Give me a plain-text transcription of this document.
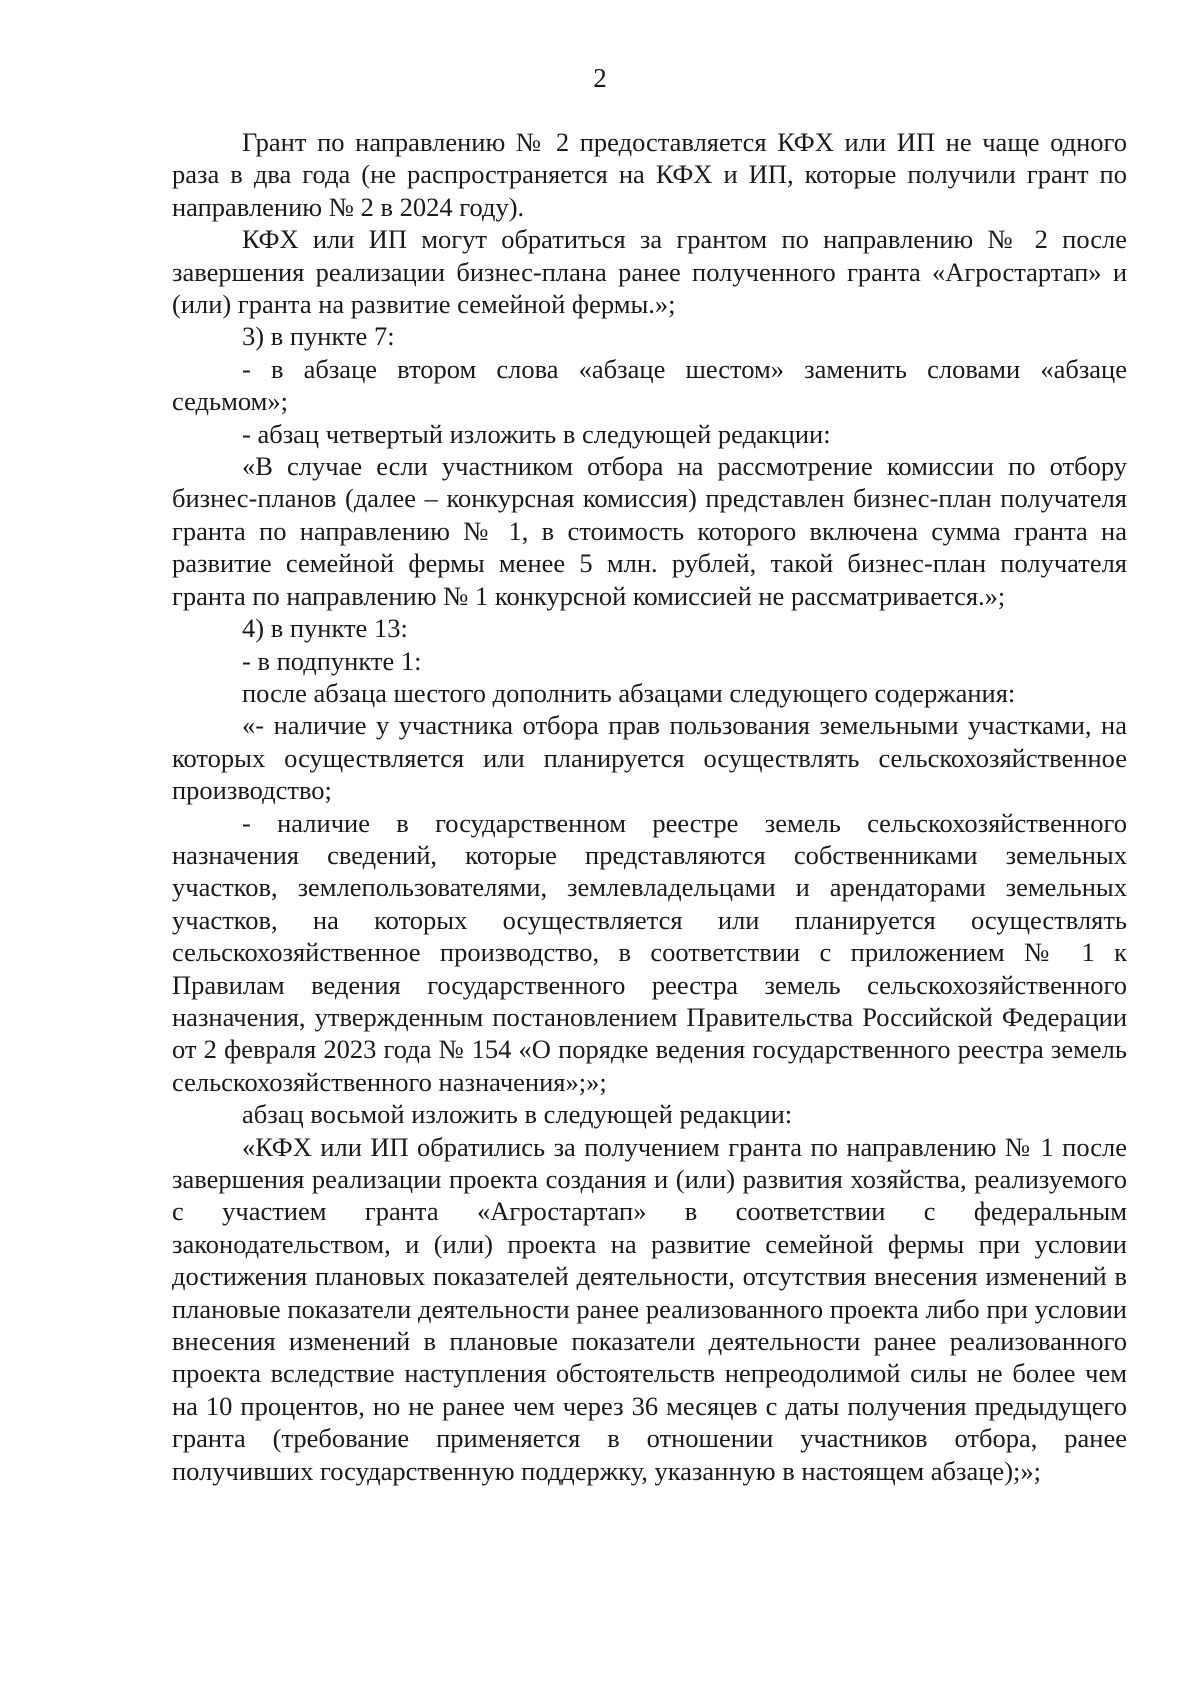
2

Грант по направлению № 2 предоставляется КФХ или ИП не чаще одного раза в два года (не распространяется на КФХ и ИП, которые получили грант по направлению № 2 в 2024 году).

КФХ или ИП могут обратиться за грантом по направлению № 2 после завершения реализации бизнес-плана ранее полученного гранта «Агростартап» и (или) гранта на развитие семейной фермы.»;

3) в пункте 7:

- в абзаце втором слова «абзаце шестом» заменить словами «абзаце седьмом»;

- абзац четвертый изложить в следующей редакции:

«В случае если участником отбора на рассмотрение комиссии по отбору бизнес-планов (далее – конкурсная комиссия) представлен бизнес-план получателя гранта по направлению № 1, в стоимость которого включена сумма гранта на развитие семейной фермы менее 5 млн. рублей, такой бизнес-план получателя гранта по направлению № 1 конкурсной комиссией не рассматривается.»;

4) в пункте 13:

- в подпункте 1:

после абзаца шестого дополнить абзацами следующего содержания:

«- наличие у участника отбора прав пользования земельными участками, на которых осуществляется или планируется осуществлять сельскохозяйственное производство;

- наличие в государственном реестре земель сельскохозяйственного назначения сведений, которые представляются собственниками земельных участков, землепользователями, землевладельцами и арендаторами земельных участков, на которых осуществляется или планируется осуществлять сельскохозяйственное производство, в соответствии с приложением № 1 к Правилам ведения государственного реестра земель сельскохозяйственного назначения, утвержденным постановлением Правительства Российской Федерации от 2 февраля 2023 года № 154 «О порядке ведения государственного реестра земель сельскохозяйственного назначения»;»;

абзац восьмой изложить в следующей редакции:

«КФХ или ИП обратились за получением гранта по направлению № 1 после завершения реализации проекта создания и (или) развития хозяйства, реализуемого с участием гранта «Агростартап» в соответствии с федеральным законодательством, и (или) проекта на развитие семейной фермы при условии достижения плановых показателей деятельности, отсутствия внесения изменений в плановые показатели деятельности ранее реализованного проекта либо при условии внесения изменений в плановые показатели деятельности ранее реализованного проекта вследствие наступления обстоятельств непреодолимой силы не более чем на 10 процентов, но не ранее чем через 36 месяцев с даты получения предыдущего гранта (требование применяется в отношении участников отбора, ранее получивших государственную поддержку, указанную в настоящем абзаце);»;
